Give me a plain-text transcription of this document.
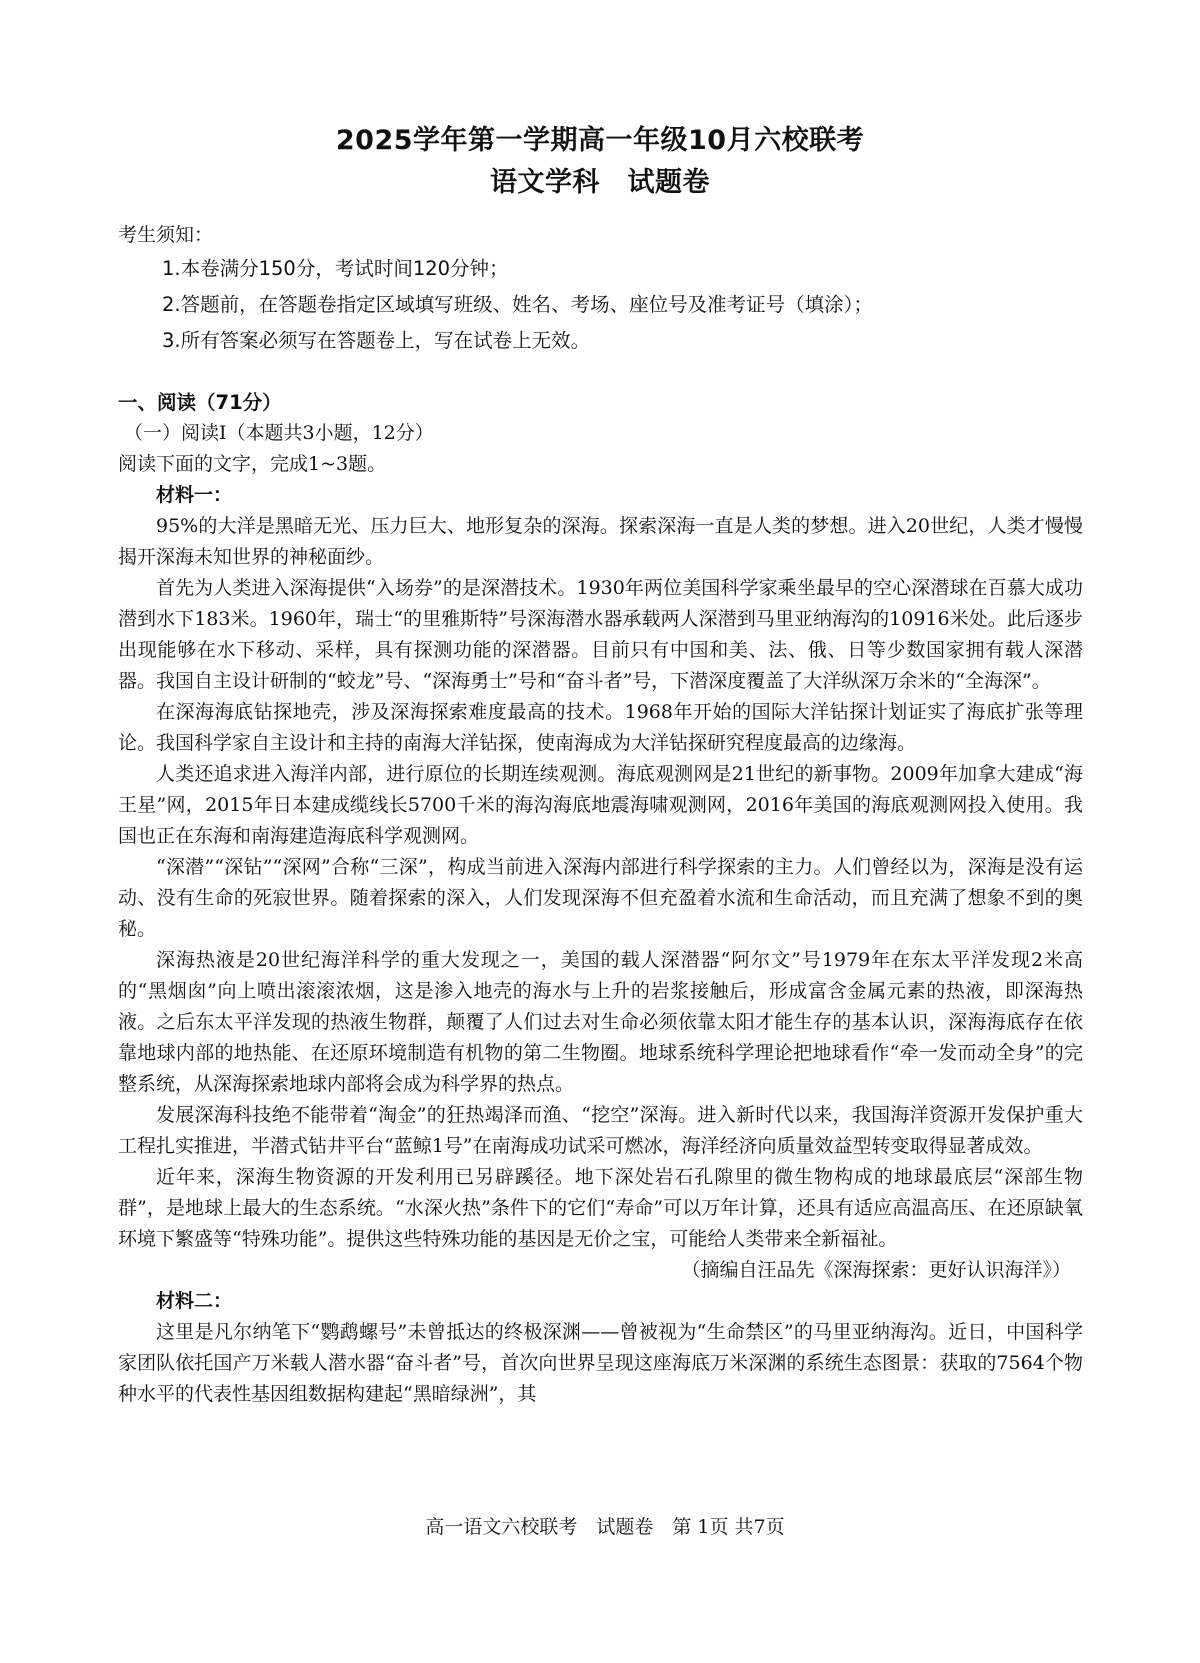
2025学年第一学期高一年级10月六校联考
语文学科　试题卷

考生须知：

1.本卷满分150分，考试时间120分钟；

2.答题前，在答题卷指定区域填写班级、姓名、考场、座位号及准考证号（填涂）；

3.所有答案必须写在答题卷上，写在试卷上无效。

一、阅读（71分）

（一）阅读Ⅰ（本题共3小题，12分）

阅读下面的文字，完成1~3题。

材料一：

95%的大洋是黑暗无光、压力巨大、地形复杂的深海。探索深海一直是人类的梦想。进入20世纪，人类才慢慢揭开深海未知世界的神秘面纱。

首先为人类进入深海提供“入场券”的是深潜技术。1930年两位美国科学家乘坐最早的空心深潜球在百慕大成功潜到水下183米。1960年，瑞士“的里雅斯特”号深海潜水器承载两人深潜到马里亚纳海沟的10916米处。此后逐步出现能够在水下移动、采样，具有探测功能的深潜器。目前只有中国和美、法、俄、日等少数国家拥有载人深潜器。我国自主设计研制的“蛟龙”号、“深海勇士”号和“奋斗者”号，下潜深度覆盖了大洋纵深万余米的“全海深”。

在深海海底钻探地壳，涉及深海探索难度最高的技术。1968年开始的国际大洋钻探计划证实了海底扩张等理论。我国科学家自主设计和主持的南海大洋钻探，使南海成为大洋钻探研究程度最高的边缘海。

人类还追求进入海洋内部，进行原位的长期连续观测。海底观测网是21世纪的新事物。2009年加拿大建成“海王星”网，2015年日本建成缆线长5700千米的海沟海底地震海啸观测网，2016年美国的海底观测网投入使用。我国也正在东海和南海建造海底科学观测网。

“深潜”“深钻”“深网”合称“三深”，构成当前进入深海内部进行科学探索的主力。人们曾经以为，深海是没有运动、没有生命的死寂世界。随着探索的深入，人们发现深海不但充盈着水流和生命活动，而且充满了想象不到的奥秘。

深海热液是20世纪海洋科学的重大发现之一，美国的载人深潜器“阿尔文”号1979年在东太平洋发现2米高的“黑烟囱”向上喷出滚滚浓烟，这是渗入地壳的海水与上升的岩浆接触后，形成富含金属元素的热液，即深海热液。之后东太平洋发现的热液生物群，颠覆了人们过去对生命必须依靠太阳才能生存的基本认识，深海海底存在依靠地球内部的地热能、在还原环境制造有机物的第二生物圈。地球系统科学理论把地球看作“牵一发而动全身”的完整系统，从深海探索地球内部将会成为科学界的热点。

发展深海科技绝不能带着“淘金”的狂热竭泽而渔、“挖空”深海。进入新时代以来，我国海洋资源开发保护重大工程扎实推进，半潜式钻井平台“蓝鲸1号”在南海成功试采可燃冰，海洋经济向质量效益型转变取得显著成效。

近年来，深海生物资源的开发利用已另辟蹊径。地下深处岩石孔隙里的微生物构成的地球最底层“深部生物群”，是地球上最大的生态系统。“水深火热”条件下的它们“寿命”可以万年计算，还具有适应高温高压、在还原缺氧环境下繁盛等“特殊功能”。提供这些特殊功能的基因是无价之宝，可能给人类带来全新福祉。

（摘编自汪品先《深海探索：更好认识海洋》）

材料二：

这里是凡尔纳笔下“鹦鹉螺号”未曾抵达的终极深渊——曾被视为“生命禁区”的马里亚纳海沟。近日，中国科学家团队依托国产万米载人潜水器“奋斗者”号，首次向世界呈现这座海底万米深渊的系统生态图景：获取的7564个物种水平的代表性基因组数据构建起“黑暗绿洲”，其

高一语文六校联考　试题卷　第 1页 共7页
